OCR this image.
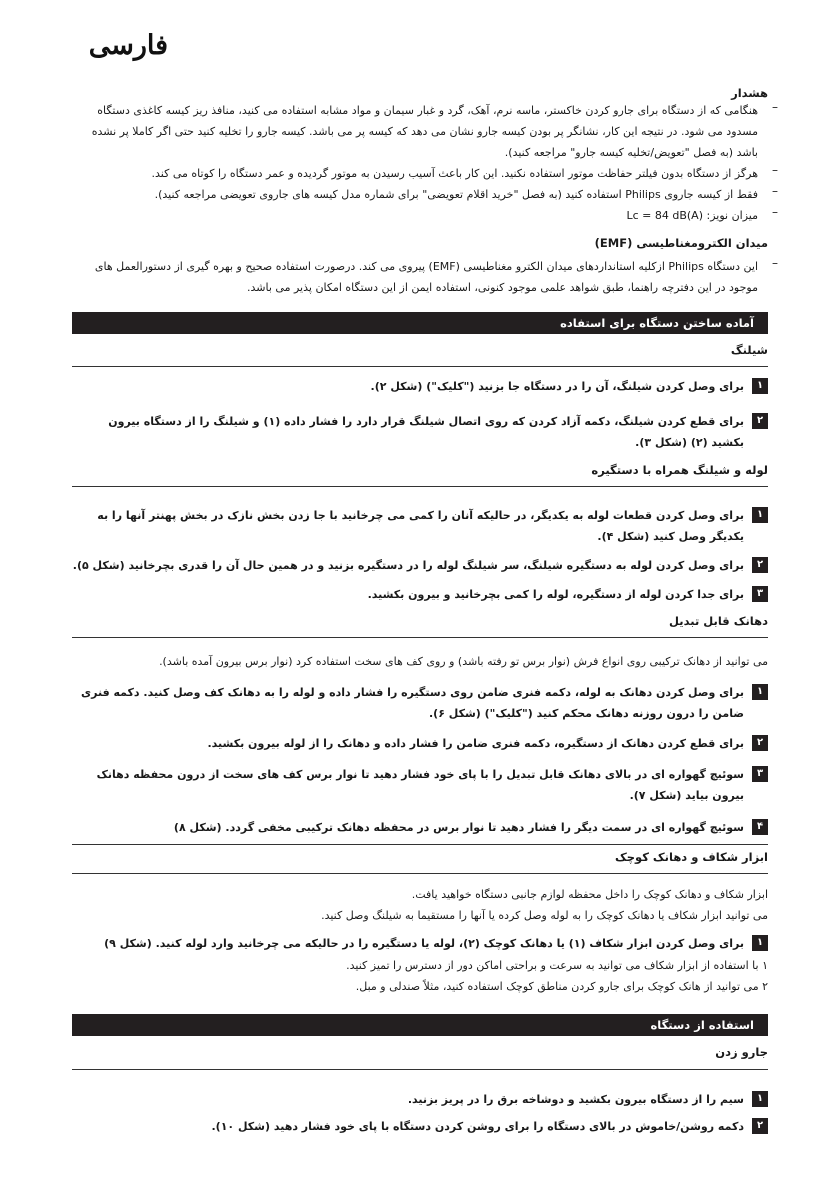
فارسی
هشدار
–
هنگامی که از دستگاه برای جارو کردن خاکستر، ماسه نرم، آهک، گرد و غبار سیمان و مواد مشابه استفاده می کنید، منافذ ریز کیسه کاغذی دستگاه مسدود می شود. در نتیجه این کار، نشانگر پر بودن کیسه جارو نشان می دهد که کیسه پر می باشد. کیسه جارو را تخلیه کنید حتی اگر کاملا پر نشده باشد (به فصل "تعویض/تخلیه کیسه جارو" مراجعه کنید).
–
هرگز از دستگاه بدون فیلتر حفاظت موتور استفاده نکنید. این کار باعث آسیب رسیدن به موتور گردیده و عمر دستگاه را کوتاه می کند.
–
فقط از کیسه جاروی Philips استفاده کنید (به فصل "خرید اقلام تعویضی" برای شماره مدل کیسه های جاروی تعویضی مراجعه کنید).
–
میزان نویز: Lc = 84 dB(A)
میدان الکترومغناطیسی (EMF)
–
این دستگاه Philips ازکلیه استانداردهای میدان الکترو مغناطیسی (EMF) پیروی می کند. درصورت استفاده صحیح و بهره گیری از دستورالعمل های موجود در این دفترچه راهنما، طبق شواهد علمی موجود کنونی، استفاده ایمن از این دستگاه امکان پذیر می باشد.
آماده ساختن دستگاه برای استفاده
شیلنگ
۱
برای وصل کردن شیلنگ، آن را در دستگاه جا بزنید ("کلیک") (شکل ۲).
۲
برای قطع کردن شیلنگ، دکمه آزاد کردن که روی اتصال شیلنگ قرار دارد را فشار داده (۱) و شیلنگ را از دستگاه بیرون بکشید (۲) (شکل ۳).
لوله و شیلنگ همراه با دستگیره
۱
برای وصل کردن قطعات لوله به یکدیگر، در حالیکه آنان را کمی می چرخانید با جا زدن بخش نازک در بخش پهنتر آنها را به یکدیگر وصل کنید (شکل ۴).
۲
برای وصل کردن لوله به دستگیره شیلنگ، سر شیلنگ لوله را در دستگیره بزنید و در همین حال آن را قدری بچرخانید (شکل ۵).
۳
برای جدا کردن لوله از دستگیره، لوله را کمی بچرخانید و بیرون بکشید.
دهانک قابل تبدیل
می توانید از دهانک ترکیبی روی انواع فرش (نوار برس تو رفته باشد) و روی کف های سخت استفاده کرد (نوار برس بیرون آمده باشد).
۱
برای وصل کردن دهانک به لوله، دکمه فنری ضامن روی دستگیره را فشار داده و لوله را به دهانک کف وصل کنید. دکمه فنری ضامن را درون روزنه دهانک محکم کنید ("کلیک") (شکل ۶).
۲
برای قطع کردن دهانک از دستگیره، دکمه فنری ضامن را فشار داده و دهانک را از لوله بیرون بکشید.
۳
سوئیچ گهواره ای در بالای دهانک قابل تبدیل را با پای خود فشار دهید تا نوار برس کف های سخت از درون محفظه دهانک بیرون بیاید (شکل ۷).
۴
سوئیچ گهواره ای در سمت دیگر را فشار دهید تا نوار برس در محفظه دهانک ترکیبی مخفی گردد. (شکل ۸)
ابزار شکاف و دهانک کوچک
ابزار شکاف و دهانک کوچک را داخل محفظه لوازم جانبی دستگاه خواهید یافت.
می توانید ابزار شکاف یا دهانک کوچک را به لوله وصل کرده یا آنها را مستقیما به شیلنگ وصل کنید.
۱
برای وصل کردن ابزار شکاف (۱) یا دهانک کوچک (۲)، لوله یا دستگیره را در حالیکه می چرخانید وارد لوله کنید. (شکل ۹)
۱ با استفاده از ابزار شکاف می توانید به سرعت و براحتی اماکن دور از دسترس را تمیز کنید.
۲ می توانید از هانک کوچک برای جارو کردن مناطق کوچک استفاده کنید، مثلاً صندلی و مبل.
استفاده از دستگاه
جارو زدن
۱
سیم را از دستگاه بیرون بکشید و دوشاخه برق را در پریز بزنید.
۲
دکمه روشن/خاموش در بالای دستگاه را برای روشن کردن دستگاه با پای خود فشار دهید (شکل ۱۰).
